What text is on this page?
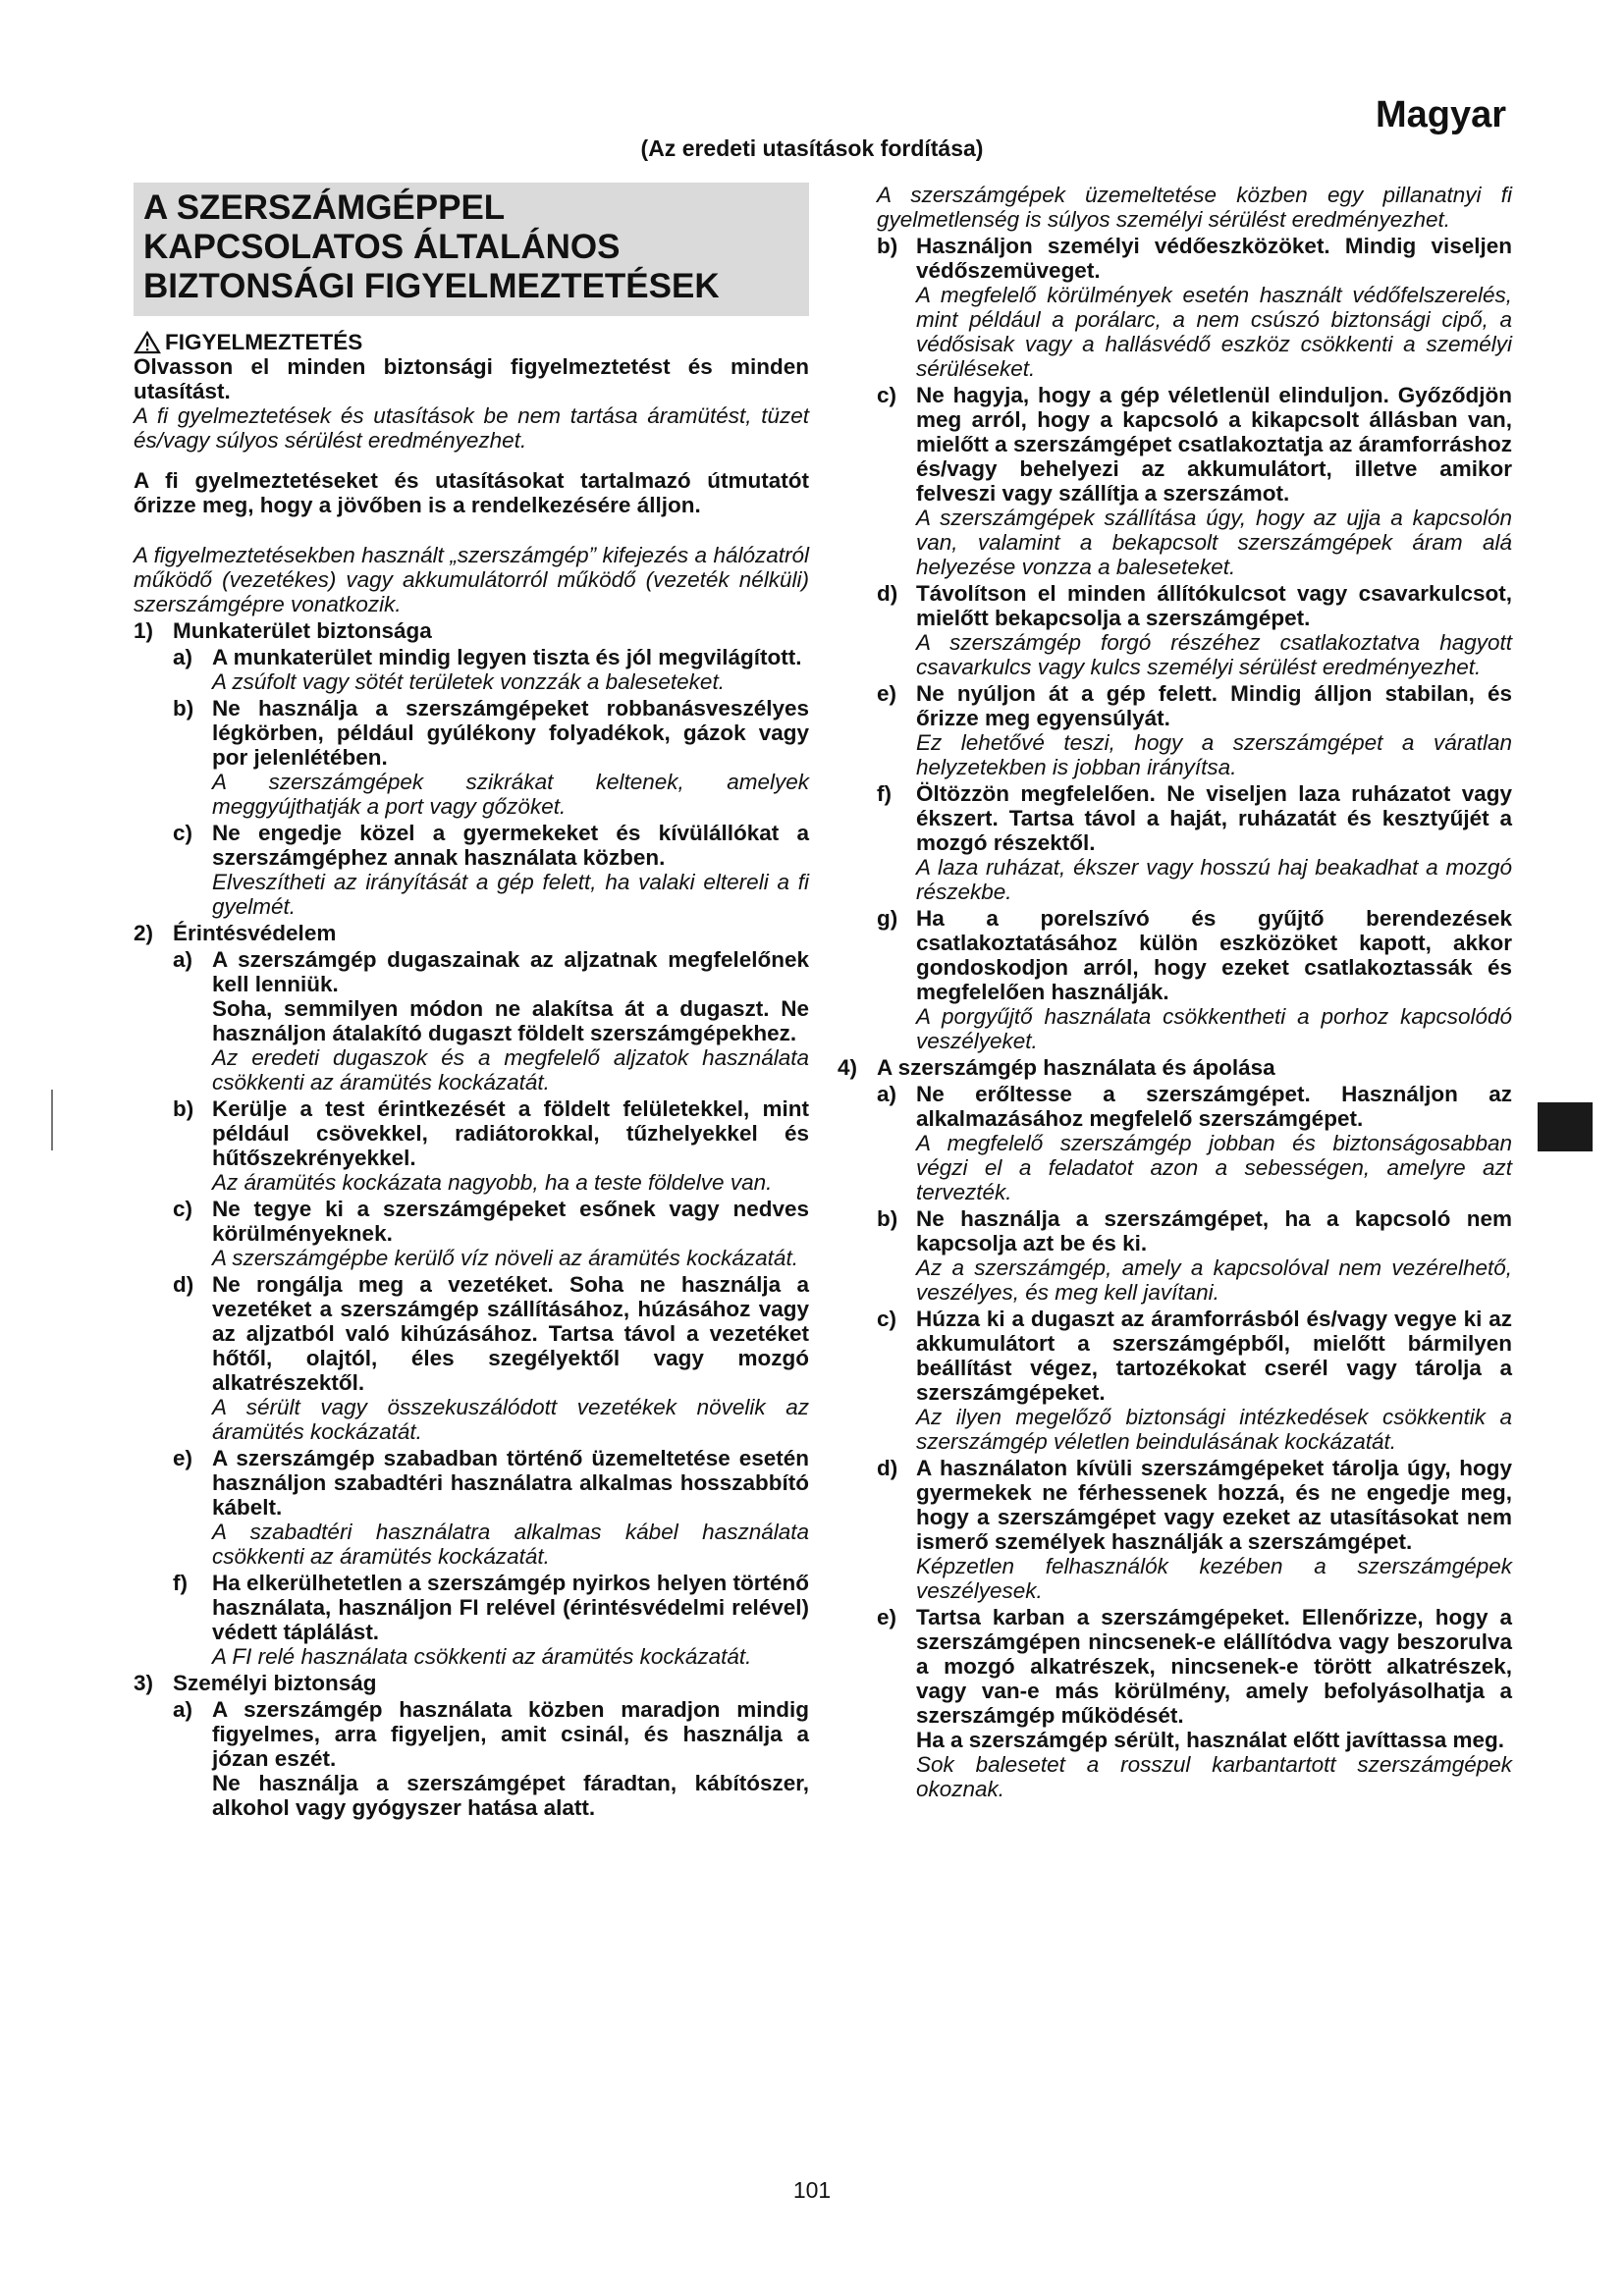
Magyar
(Az eredeti utasítások fordítása)
A SZERSZÁMGÉPPEL
KAPCSOLATOS ÁLTALÁNOS
BIZTONSÁGI FIGYELMEZTETÉSEK
FIGYELMEZTETÉS

Olvasson el minden biztonsági figyelmeztetést és minden utasítást.

A fi gyelmeztetések és utasítások be nem tartása áramütést, tüzet és/vagy súlyos sérülést eredményezhet.

A fi gyelmeztetéseket és utasításokat tartalmazó útmutatót őrizze meg, hogy a jövőben is a rendelkezésére álljon.

A figyelmeztetésekben használt „szerszámgép” kifejezés a hálózatról működő (vezetékes) vagy akkumulátorról működő (vezeték nélküli) szerszámgépre vonatkozik.

1) Munkaterület biztonsága
a) A munkaterület mindig legyen tiszta és jól megvilágított.

A zsúfolt vagy sötét területek vonzzák a baleseteket.

b) Ne használja a szerszámgépeket robbanásveszélyes légkörben, például gyúlékony folyadékok, gázok vagy por jelenlétében.

A szerszámgépek szikrákat keltenek, amelyek meggyújthatják a port vagy gőzöket.

c) Ne engedje közel a gyermekeket és kívülállókat a szerszámgéphez annak használata közben.

Elveszítheti az irányítását a gép felett, ha valaki eltereli a fi gyelmét.

2) Érintésvédelem
a) A szerszámgép dugaszainak az aljzatnak megfelelőnek kell lenniük.

Soha, semmilyen módon ne alakítsa át a dugaszt. Ne használjon átalakító dugaszt földelt szerszámgépekhez.

Az eredeti dugaszok és a megfelelő aljzatok használata csökkenti az áramütés kockázatát.

b) Kerülje a test érintkezését a földelt felületekkel, mint például csövekkel, radiátorokkal, tűzhelyekkel és hűtőszekrényekkel.

Az áramütés kockázata nagyobb, ha a teste földelve van.

c) Ne tegye ki a szerszámgépeket esőnek vagy nedves körülményeknek.

A szerszámgépbe kerülő víz növeli az áramütés kockázatát.

d) Ne rongálja meg a vezetéket. Soha ne használja a vezetéket a szerszámgép szállításához, húzásához vagy az aljzatból való kihúzásához. Tartsa távol a vezetéket hőtől, olajtól, éles szegélyektől vagy mozgó alkatrészektől.

A sérült vagy összekuszálódott vezetékek növelik az áramütés kockázatát.

e) A szerszámgép szabadban történő üzemeltetése esetén használjon szabadtéri használatra alkalmas hosszabbító kábelt.

A szabadtéri használatra alkalmas kábel használata csökkenti az áramütés kockázatát.

f)	Ha elkerülhetetlen a szerszámgép nyirkos helyen történő használata, használjon FI relével (érintésvédelmi relével) védett táplálást.

A FI relé használata csökkenti az áramütés kockázatát.

3) Személyi biztonság
a) A szerszámgép használata közben maradjon mindig figyelmes, arra figyeljen, amit csinál, és használja a józan eszét.

Ne használja a szerszámgépet fáradtan, kábítószer, alkohol vagy gyógyszer hatása alatt.

A szerszámgépek üzemeltetése közben egy pillanatnyi fi gyelmetlenség is súlyos személyi sérülést eredményezhet.

b) Használjon személyi védőeszközöket. Mindig viseljen védőszemüveget.

A megfelelő körülmények esetén használt védőfelszerelés, mint például a porálarc, a nem csúszó biztonsági cipő, a védősisak vagy a hallásvédő eszköz csökkenti a személyi sérüléseket.

c) Ne hagyja, hogy a gép véletlenül elinduljon. Győződjön meg arról, hogy a kapcsoló a kikapcsolt állásban van, mielőtt a szerszámgépet csatlakoztatja az áramforráshoz és/vagy behelyezi az akkumulátort, illetve amikor felveszi vagy szállítja a szerszámot.

A szerszámgépek szállítása úgy, hogy az ujja a kapcsolón van, valamint a bekapcsolt szerszámgépek áram alá helyezése vonzza a baleseteket.

d) Távolítson el minden állítókulcsot vagy csavarkulcsot, mielőtt bekapcsolja a szerszámgépet.

A szerszámgép forgó részéhez csatlakoztatva hagyott csavarkulcs vagy kulcs személyi sérülést eredményezhet.

e) Ne nyúljon át a gép felett. Mindig álljon stabilan, és őrizze meg egyensúlyát.

Ez lehetővé teszi, hogy a szerszámgépet a váratlan helyzetekben is jobban irányítsa.

f)	Öltözzön megfelelően. Ne viseljen laza ruházatot vagy ékszert. Tartsa távol a haját, ruházatát és kesztyűjét a mozgó részektől.

A laza ruházat, ékszer vagy hosszú haj beakadhat a mozgó részekbe.

g) Ha a porelszívó és gyűjtő berendezések csatlakoztatásához külön eszközöket kapott, akkor gondoskodjon arról, hogy ezeket csatlakoztassák és megfelelően használják.

A porgyűjtő használata csökkentheti a porhoz kapcsolódó veszélyeket.

4) A szerszámgép használata és ápolása
a) Ne erőltesse a szerszámgépet. Használjon az alkalmazásához megfelelő szerszámgépet.

A megfelelő szerszámgép jobban és biztonságosabban végzi el a feladatot azon a sebességen, amelyre azt tervezték.

b) Ne használja a szerszámgépet, ha a kapcsoló nem kapcsolja azt be és ki.

Az a szerszámgép, amely a kapcsolóval nem vezérelhető, veszélyes, és meg kell javítani.

c) Húzza ki a dugaszt az áramforrásból és/vagy vegye ki az akkumulátort a szerszámgépből, mielőtt bármilyen beállítást végez, tartozékokat cserél vagy tárolja a szerszámgépeket.

Az ilyen megelőző biztonsági intézkedések csökkentik a szerszámgép véletlen beindulásának kockázatát.

d) A használaton kívüli szerszámgépeket tárolja úgy, hogy gyermekek ne férhessenek hozzá, és ne engedje meg, hogy a szerszámgépet vagy ezeket az utasításokat nem ismerő személyek használják a szerszámgépet.

Képzetlen felhasználók kezében a szerszámgépek veszélyesek.

e) Tartsa karban a szerszámgépeket. Ellenőrizze, hogy a szerszámgépen nincsenek-e elállítódva vagy beszorulva a mozgó alkatrészek, nincsenek-e törött alkatrészek, vagy van-e más körülmény, amely befolyásolhatja a szerszámgép működését.

Ha a szerszámgép sérült, használat előtt javíttassa meg.

Sok balesetet a rosszul karbantartott szerszámgépek okoznak.

101
